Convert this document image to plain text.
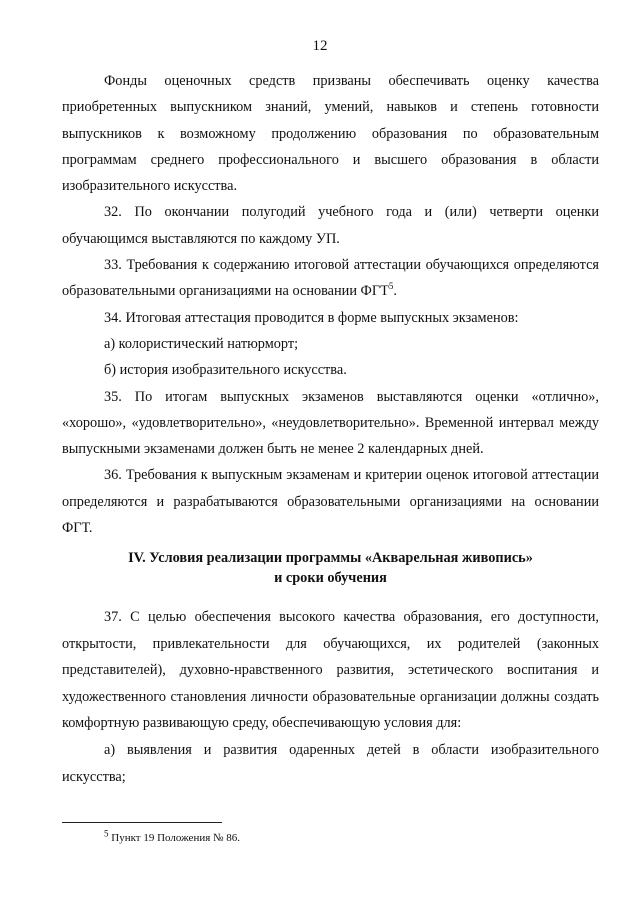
12

Фонды оценочных средств призваны обеспечивать оценку качества приобретенных выпускником знаний, умений, навыков и степень готовности выпускников к возможному продолжению образования по образовательным программам среднего профессионального и высшего образования в области изобразительного искусства.

32. По окончании полугодий учебного года и (или) четверти оценки обучающимся выставляются по каждому УП.

33. Требования к содержанию итоговой аттестации обучающихся определяются образовательными организациями на основании ФГТ$^5$.

34. Итоговая аттестация проводится в форме выпускных экзаменов:

а) колористический натюрморт;

б) история изобразительного искусства.

35. По итогам выпускных экзаменов выставляются оценки «отлично», «хорошо», «удовлетворительно», «неудовлетворительно». Временной интервал между выпускными экзаменами должен быть не менее 2 календарных дней.

36. Требования к выпускным экзаменам и критерии оценок итоговой аттестации определяются и разрабатываются образовательными организациями на основании ФГТ.

IV. Условия реализации программы «Акварельная живопись»
и сроки обучения

37. С целью обеспечения высокого качества образования, его доступности, открытости, привлекательности для обучающихся, их родителей (законных представителей), духовно-нравственного развития, эстетического воспитания и художественного становления личности образовательные организации должны создать комфортную развивающую среду, обеспечивающую условия для:

а) выявления и развития одаренных детей в области изобразительного искусства;

$^5$ Пункт 19 Положения № 86.
